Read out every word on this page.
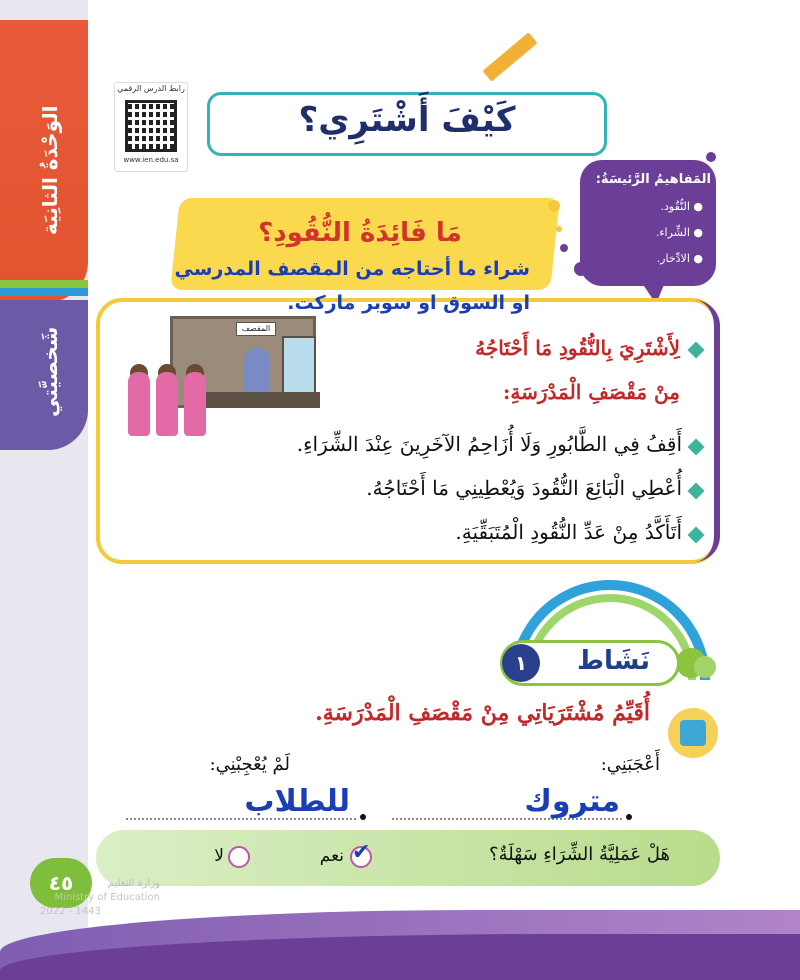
الوَحْدَةُ الثانِيَة
شَخصيَّتي
رابط الدرس الرقمي
www.ien.edu.sa
كَيْفَ أَشْتَرِي؟
المَفاهيمُ الرَّئيسَةُ:
● النُّقُود.
● الشِّراء.
● الادِّخار.
مَا فَائِدَةُ النُّقُودِ؟
شراء ما أحتاجه من المقصف المدرسي
او السوق او سوبر ماركت.
المقصف
لِأَشْتَرِيَ بِالنُّقُودِ مَا أَحْتَاجُهُ
مِنْ مَقْصَفِ الْمَدْرَسَةِ:
أَقِفُ فِي الطَّابُورِ وَلَا أُزَاحِمُ الآخَرِينَ عِنْدَ الشِّرَاءِ.
أُعْطِي الْبَائِعَ النُّقُودَ وَيُعْطِينِي مَا أَحْتَاجُهُ.
أَتَأَكَّدُ مِنْ عَدِّ النُّقُودِ الْمُتَبَقِّيَةِ.
نَشَاط
١
أُقَيِّمُ مُشْتَرَيَاتِي مِنْ مَقْصَفِ الْمَدْرَسَةِ.
أَعْجَبَنِي:
لَمْ يُعْجِبْنِي:
متروك
للطلاب
هَلْ عَمَلِيَّةُ الشِّرَاءِ سَهْلَةٌ؟
✔
نعم
لا
٤٥	وزارة التعليم
Ministry of Education
2022 - 1443
